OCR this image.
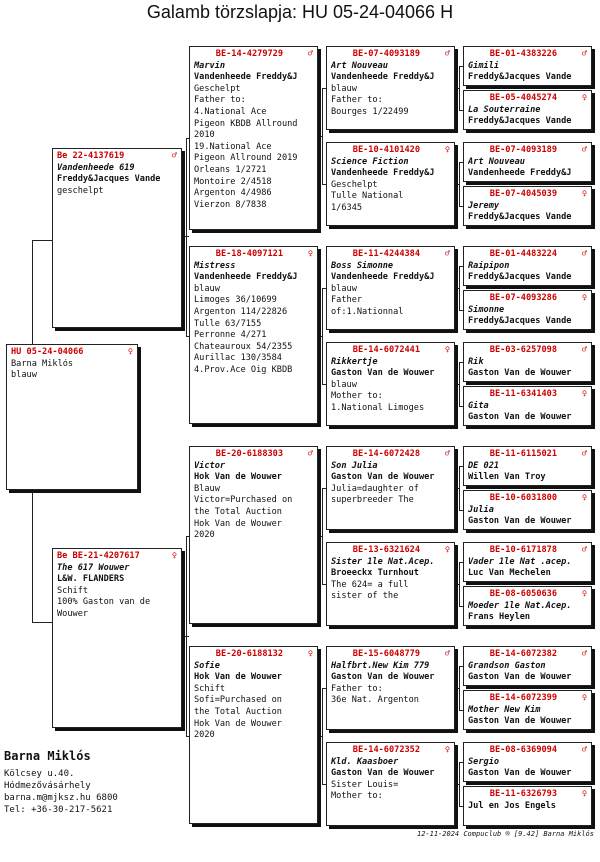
Galamb törzslapja: HU 05-24-04066 H
HU 05-24-04066	♀
Barna Miklós
blauw
Be 22-4137619	♂
Vandenheede 619
Freddy&Jacques Vande
geschelpt
Be BE-21-4207617	♀
The 617 Wouwer
L&W. FLANDERS
Schift
100% Gaston van de
Wouwer
BE-14-4279729	♂
Marvin
Vandenheede Freddy&J
Geschelpt
Father to:
4.National Ace
Pigeon KBDB Allround
2010
19.National Ace
Pigeon Allround 2019
Orleans 1/2721
Montoire 2/4518
Argenton 4/4986
Vierzon 8/7838
BE-18-4097121	♀
Mistress
Vandenheede Freddy&J
blauw
Limoges 36/10699
Argenton 114/22826
Tulle 63/7155
Perronne 4/271
Chateauroux 54/2355
Aurillac 130/3584
4.Prov.Ace Oig KBDB
BE-20-6188303	♂
Victor
Hok Van de Wouwer
Blauw
Victor=Purchased on
the Total Auction
Hok Van de Wouwer
2020
BE-20-6188132	♀
Sofie
Hok Van de Wouwer
Schift
Sofi=Purchased on
the Total Auction
Hok Van de Wouwer
2020
BE-07-4093189	♂
Art Nouveau
Vandenheede Freddy&J
blauw
Father to:
Bourges 1/22499
BE-10-4101420	♀
Science Fiction
Vandenheede Freddy&J
Geschelpt
Tulle National
1/6345
BE-11-4244384	♂
Boss Simonne
Vandenheede Freddy&J
blauw
Father
of:1.Nationnal
BE-14-6072441	♀
Rikkertje
Gaston Van de Wouwer
blauw
Mother to:
1.National Limoges
BE-14-6072428	♂
Son Julia
Gaston Van de Wouwer
Julia=daughter of
superbreeder The
BE-13-6321624	♀
Sister 1le Nat.Acep.
Broeeckx Turnhout
The 624= a full
sister of the
BE-15-6048779	♂
Halfbrt.New Kim 779
Gaston Van de Wouwer
Father to:
36e Nat. Argenton
BE-14-6072352	♀
Kld. Kaasboer
Gaston Van de Wouwer
Sister Louis=
Mother to:
BE-01-4383226	♂
Gimili
Freddy&Jacques Vande
BE-05-4045274	♀
La Souterraine
Freddy&Jacques Vande
BE-07-4093189	♂
Art Nouveau
Vandenheede Freddy&J
BE-07-4045039	♀
Jeremy
Freddy&Jacques Vande
BE-01-4483224	♂
Raipipon
Freddy&Jacques Vande
BE-07-4093286	♀
Simonne
Freddy&Jacques Vande
BE-03-6257098	♂
Rik
Gaston Van de Wouwer
BE-11-6341403	♀
Gita
Gaston Van de Wouwer
BE-11-6115021	♂
DE 021
Willen Van Troy
BE-10-6031800	♀
Julia
Gaston Van de Wouwer
BE-10-6171878	♂
Vader 1le Nat .acep.
Luc Van Mechelen
BE-08-6050636	♀
Moeder 1le Nat.Acep.
Frans Heylen
BE-14-6072382	♂
Grandson Gaston
Gaston Van de Wouwer
BE-14-6072399	♀
Mother New Kim
Gaston Van de Wouwer
BE-08-6369094	♂
Sergio
Gaston Van de Wouwer
BE-11-6326793	♀
Jul en Jos Engels
Barna Miklós
Kölcsey u.40.
Hódmezővásárhely
barna.m@mjksz.hu 6800
Tel: +36-30-217-5621
12-11-2024 Compuclub ® [9.42] Barna Miklós
